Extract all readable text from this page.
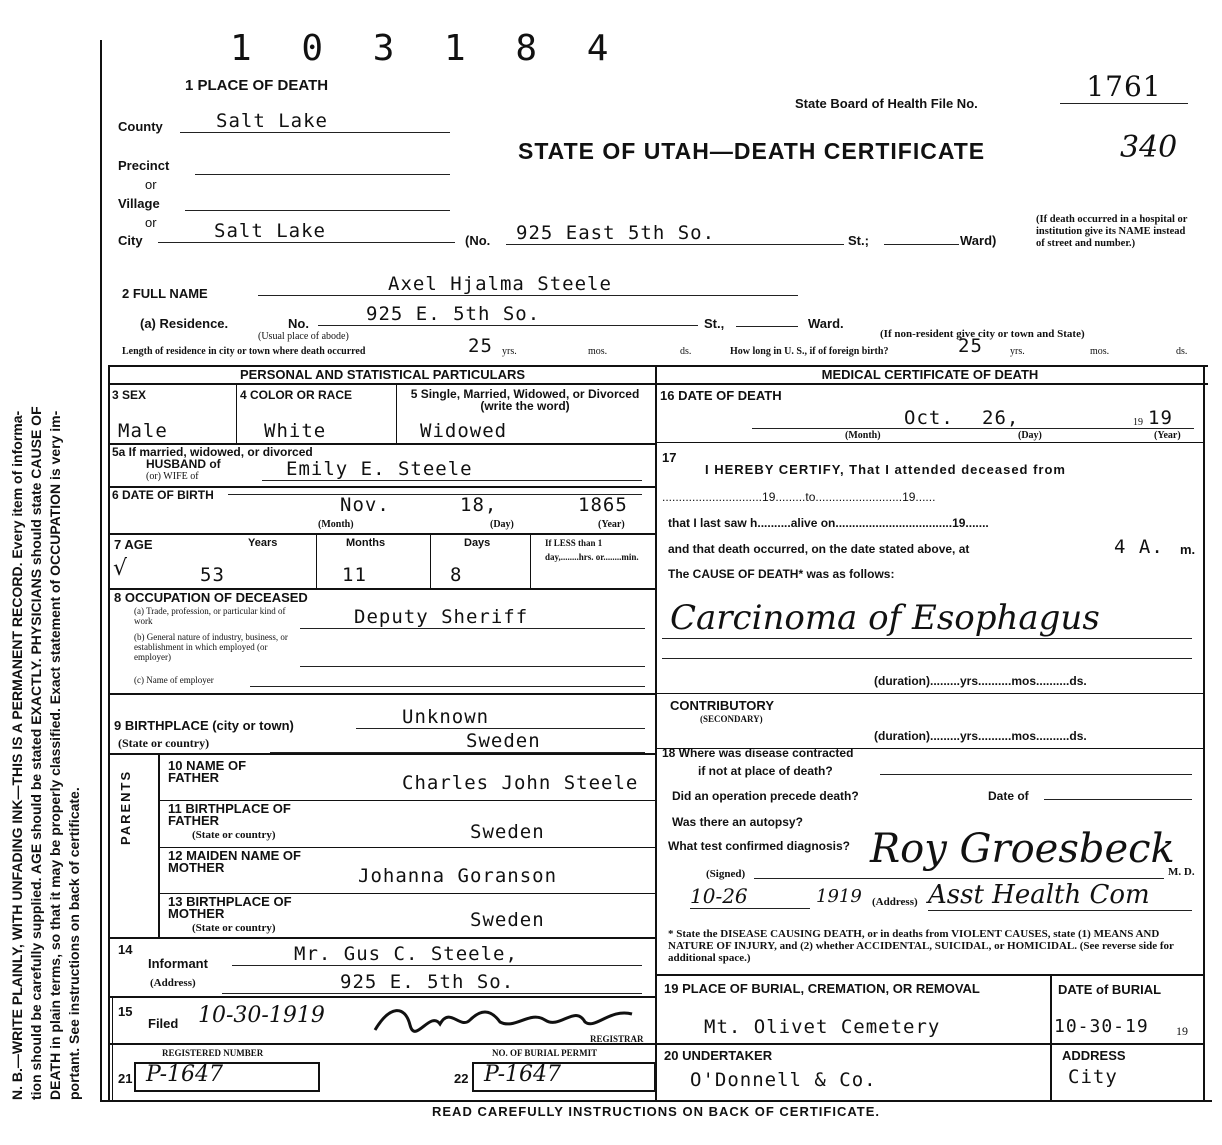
N. B.—WRITE PLAINLY, WITH UNFADING INK—THIS IS A PERMANENT RECORD. Every item of informa- tion should be carefully supplied. AGE should be stated EXACTLY. PHYSICIANS should state CAUSE OF DEATH in plain terms, so that it may be properly classified. Exact statement of OCCUPATION is very im- portant. See instructions on back of certificate.
1 0 3 1 8 4
1 PLACE OF DEATH
State Board of Health File No.
1761
STATE OF UTAH—DEATH CERTIFICATE	340
County	Salt Lake
Precinct
or
Village
or
City	Salt Lake	(No.	925 East 5th So.	St.;	Ward)
(If death occurred in a hospital or institution give its NAME instead of street and number.)
2 FULL NAME	Axel Hjalma Steele
(a) Residence.	No.	925 E. 5th So.	St.,	Ward.
(Usual place of abode)	(If non-resident give city or town and State)
Length of residence in city or town where death occurred	25 yrs.	mos.	ds.	How long in U. S., if of foreign birth?	25	yrs.	mos.	ds.
PERSONAL AND STATISTICAL PARTICULARS
3 SEX
Male
4 COLOR OR RACE
White
5 Single, Married, Widowed, or Divorced (write the word)
Widowed
5a If married, widowed, or divorced
HUSBAND of
(or) WIFE of	Emily E. Steele
6 DATE OF BIRTH	Nov.	18,	1865
(Month)	(Day)	(Year)
7 AGE	Years	Months	Days	If LESS than 1 day,........hrs. or........min.
√	53	11	8
8 OCCUPATION OF DECEASED
(a) Trade, profession, or particular kind of work	Deputy Sheriff
(b) General nature of industry, business, or establishment in which employed (or employer)
(c) Name of employer
9 BIRTHPLACE (city or town)	Unknown
(State or country)	Sweden
PARENTS
10 NAME OF FATHER	Charles John Steele
11 BIRTHPLACE OF FATHER
(State or country)	Sweden
12 MAIDEN NAME OF MOTHER	Johanna Goranson
13 BIRTHPLACE OF MOTHER
(State or country)	Sweden
14
Informant	Mr. Gus C. Steele,
(Address)	925 E. 5th So.
15
Filed 10-30-1919
REGISTRAR
REGISTERED NUMBER
21 P-1647
NO. OF BURIAL PERMIT
22 P-1647
MEDICAL CERTIFICATE OF DEATH
16 DATE OF DEATH
Oct. 26,	19 19
(Month)	(Day)	(Year)
17
I HEREBY CERTIFY, That I attended deceased from
..............................19.........to..........................19......
that I last saw h..........alive on...................................19.......
and that death occurred, on the date stated above, at	4 A. m.
The CAUSE OF DEATH* was as follows:
Carcinoma of Esophagus
(duration).........yrs..........mos..........ds.
CONTRIBUTORY
(SECONDARY)
(duration).........yrs..........mos..........ds.
18 Where was disease contracted
if not at place of death?
Did an operation precede death?	Date of
Was there an autopsy?
What test confirmed diagnosis? Roy Groesbeck
(Signed)	M. D.
10-26	1919 (Address) Asst Health Com
* State the DISEASE CAUSING DEATH, or in deaths from VIOLENT CAUSES, state (1) MEANS AND NATURE OF INJURY, and (2) whether ACCIDENTAL, SUICIDAL, or HOMICIDAL. (See reverse side for additional space.)
19 PLACE OF BURIAL, CREMATION, OR REMOVAL
Mt. Olivet Cemetery
DATE of BURIAL
10-30-19 19
20 UNDERTAKER
O'Donnell & Co.
ADDRESS
City
READ CAREFULLY INSTRUCTIONS ON BACK OF CERTIFICATE.
